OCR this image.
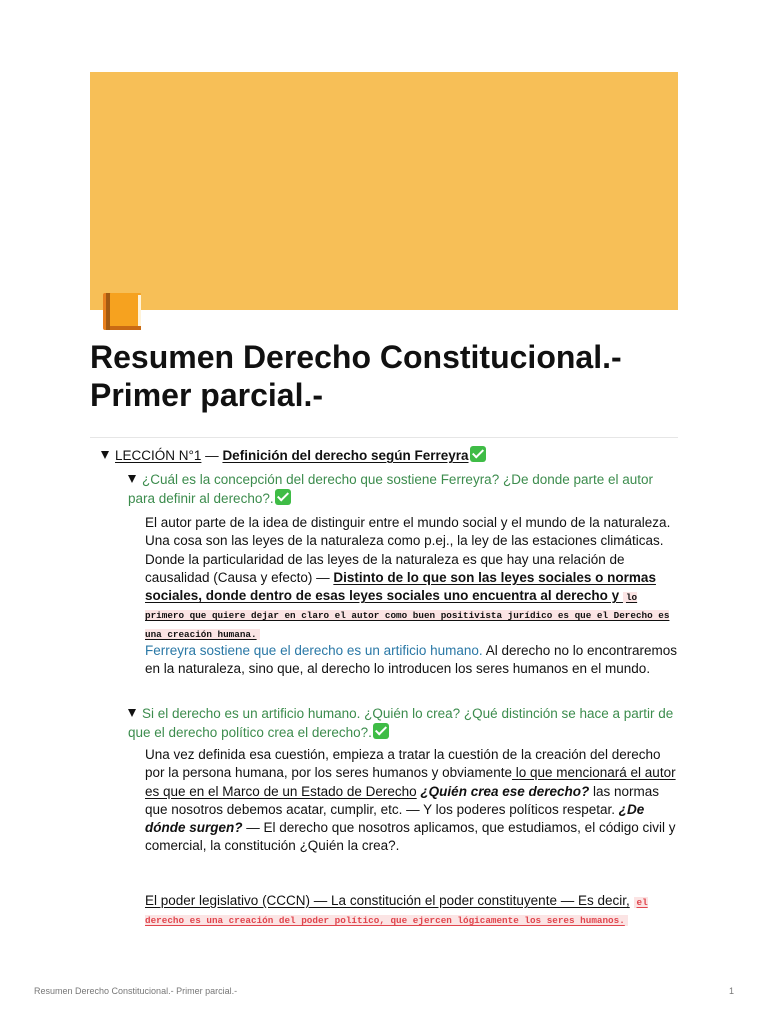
Resumen Derecho Constitucional.- Primer parcial.-
LECCIÓN N°1 — Definición del derecho según Ferreyra
¿Cuál es la concepción del derecho que sostiene Ferreyra? ¿De donde parte el autor para definir al derecho?.

El autor parte de la idea de distinguir entre el mundo social y el mundo de la naturaleza. Una cosa son las leyes de la naturaleza como p.ej., la ley de las estaciones climáticas. Donde la particularidad de las leyes de la naturaleza es que hay una relación de causalidad (Causa y efecto) — Distinto de lo que son las leyes sociales o normas sociales, donde dentro de esas leyes sociales uno encuentra al derecho y lo primero que quiere dejar en claro el autor como buen positivista jurídico es que el Derecho es una creación humana.

Ferreyra sostiene que el derecho es un artificio humano. Al derecho no lo encontraremos en la naturaleza, sino que, al derecho lo introducen los seres humanos en el mundo.

Si el derecho es un artificio humano. ¿Quién lo crea? ¿Qué distinción se hace a partir de que el derecho político crea el derecho?.

Una vez definida esa cuestión, empieza a tratar la cuestión de la creación del derecho por la persona humana, por los seres humanos y obviamente lo que mencionará el autor es que en el Marco de un Estado de Derecho ¿Quién crea ese derecho? las normas que nosotros debemos acatar, cumplir, etc. — Y los poderes políticos respetar. ¿De dónde surgen? — El derecho que nosotros aplicamos, que estudiamos, el código civil y comercial, la constitución ¿Quién la crea?.

El poder legislativo (CCCN) — La constitución el poder constituyente — Es decir, el derecho es una creación del poder político, que ejercen lógicamente los seres humanos.

Resumen Derecho Constitucional.- Primer parcial.-	1
